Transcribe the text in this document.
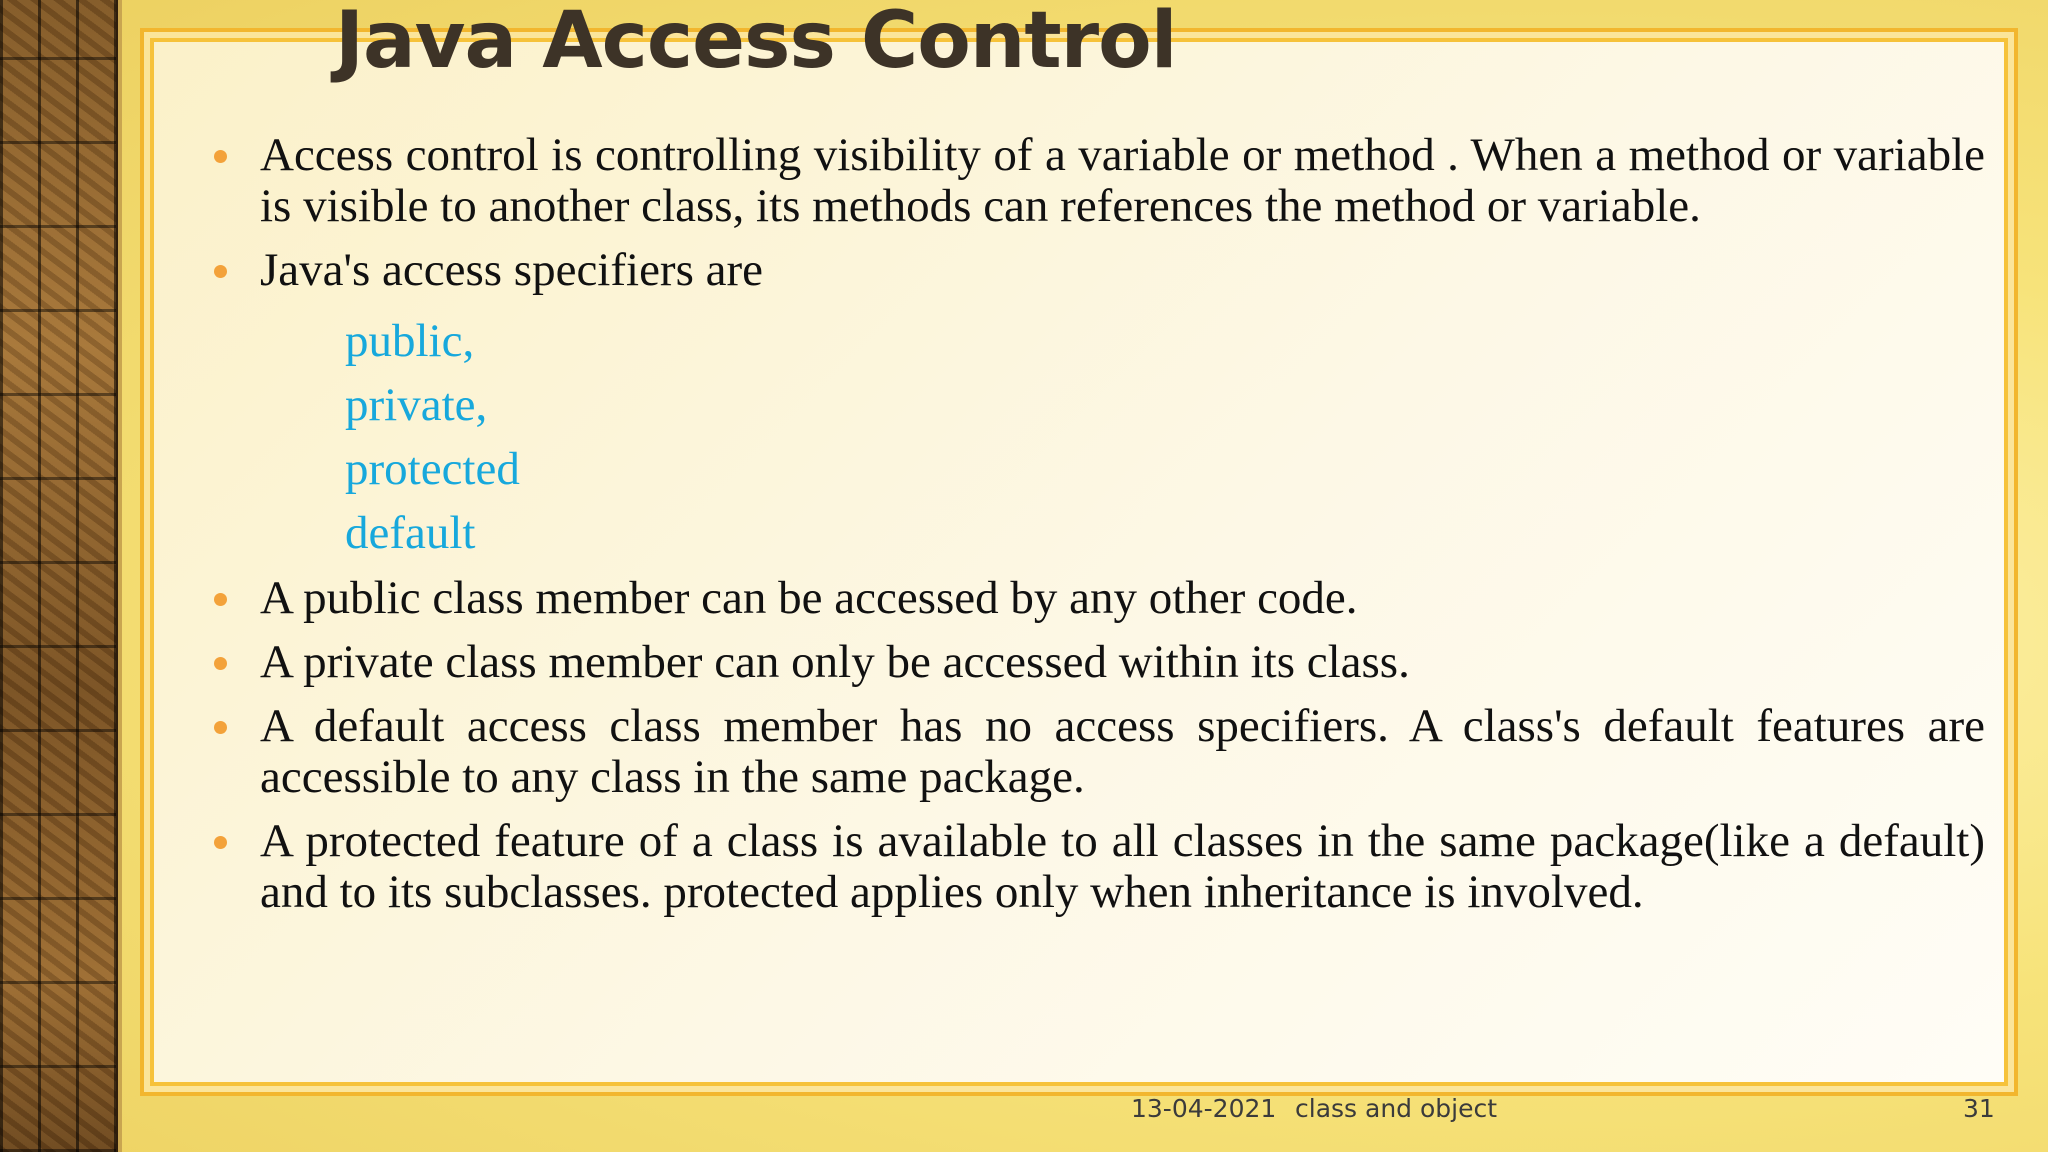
Java Access Control

Access control is controlling visibility of a variable or method . When a method or variable is visible to another class, its methods can references the method or variable.

Java's access specifiers are

public,
private,
protected
default

A public class member can be accessed by any other code.

A private class member can only be accessed within its class.

A default access class member has no access specifiers. A class's default features are accessible to any class in the same package.

A protected feature of a class is available to all classes in the same package(like a default) and to its subclasses. protected applies only when inheritance is involved.

13-04-2021 class and object	31
